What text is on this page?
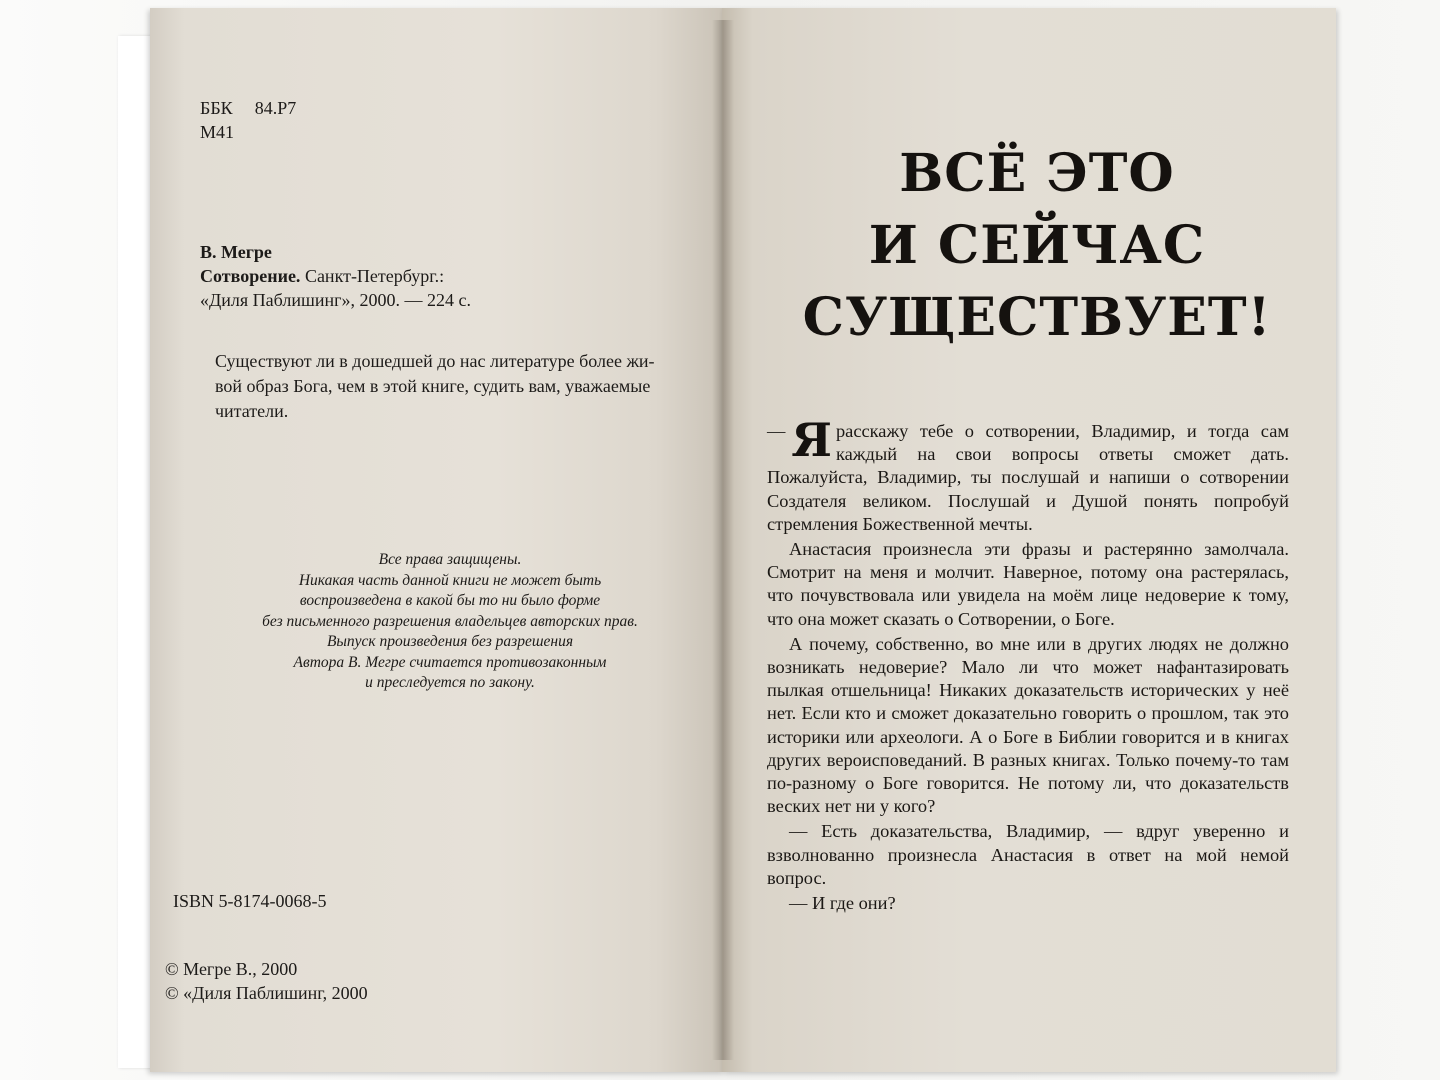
ББК 84.Р7
М41
В. Мегре
Сотворение. Санкт-Петербург.:
«Диля Паблишинг», 2000. — 224 с.
Существуют ли в дошедшей до нас литературе более жи-
вой образ Бога, чем в этой книге, судить вам, уважаемые
читатели.
Все права защищены.
Никакая часть данной книги не может быть
воспроизведена в какой бы то ни было форме
без письменного разрешения владельцев авторских прав.
Выпуск произведения без разрешения
Автора В. Мегре считается противозаконным
и преследуется по закону.
ISBN 5-8174-0068-5
© Мегре В., 2000
© «Диля Паблишинг, 2000
ВСЁ ЭТО
И СЕЙЧАС
СУЩЕСТВУЕТ!

— Я расскажу тебе о сотворении, Владимир, и тогда сам каждый на свои вопросы ответы сможет дать. Пожалуйста, Владимир, ты послушай и напиши о сотворении Создателя великом. Послушай и Душой понять попробуй стремления Божественной мечты.

Анастасия произнесла эти фразы и растерянно замолчала. Смотрит на меня и молчит. Наверное, потому она растерялась, что почувствовала или увидела на моём лице недоверие к тому, что она может сказать о Сотворении, о Боге.

А почему, собственно, во мне или в других людях не должно возникать недоверие? Мало ли что может нафантазировать пылкая отшельница! Никаких доказательств исторических у неё нет. Если кто и сможет доказательно говорить о прошлом, так это историки или археологи. А о Боге в Библии говорится и в книгах других вероисповеданий. В разных книгах. Только почему-то там по-разному о Боге говорится. Не потому ли, что доказательств веских нет ни у кого?

— Есть доказательства, Владимир, — вдруг уверенно и взволнованно произнесла Анастасия в ответ на мой немой вопрос.

— И где они?
